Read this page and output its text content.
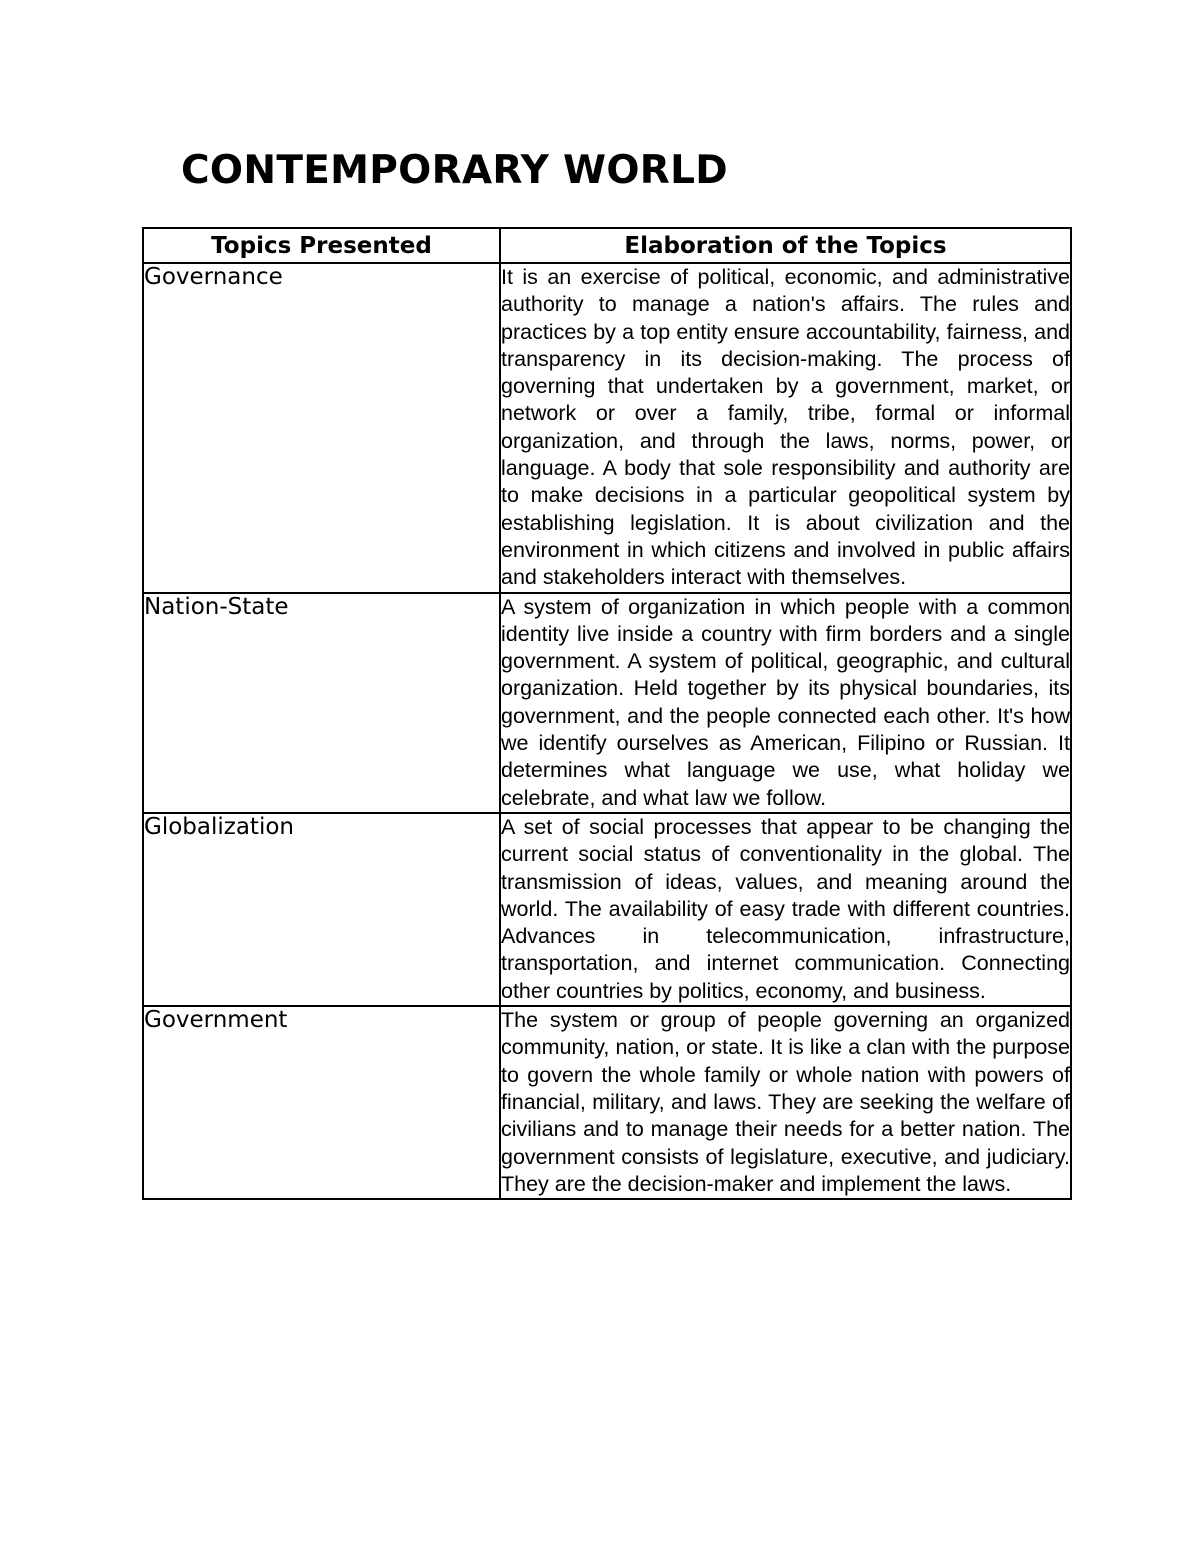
CONTEMPORARY WORLD
Topics Presented	Elaboration of the Topics
Governance	It is an exercise of political, economic, and administrative authority to manage a nation's affairs. The rules and practices by a top entity ensure accountability, fairness, and transparency in its decision-making. The process of governing that undertaken by a government, market, or network or over a family, tribe, formal or informal organization, and through the laws, norms, power, or language. A body that sole responsibility and authority are to make decisions in a particular geopolitical system by establishing legislation. It is about civilization and the environment in which citizens and involved in public affairs and stakeholders interact with themselves.
Nation-State	A system of organization in which people with a common identity live inside a country with firm borders and a single government. A system of political, geographic, and cultural organization. Held together by its physical boundaries, its government, and the people connected each other. It's how we identify ourselves as American, Filipino or Russian. It determines what language we use, what holiday we celebrate, and what law we follow.
Globalization	A set of social processes that appear to be changing the current social status of conventionality in the global. The transmission of ideas, values, and meaning around the world. The availability of easy trade with different countries. Advances in telecommunication, infrastructure, transportation, and internet communication. Connecting other countries by politics, economy, and business.
Government	The system or group of people governing an organized community, nation, or state. It is like a clan with the purpose to govern the whole family or whole nation with powers of financial, military, and laws. They are seeking the welfare of civilians and to manage their needs for a better nation. The government consists of legislature, executive, and judiciary. They are the decision-maker and implement the laws.
